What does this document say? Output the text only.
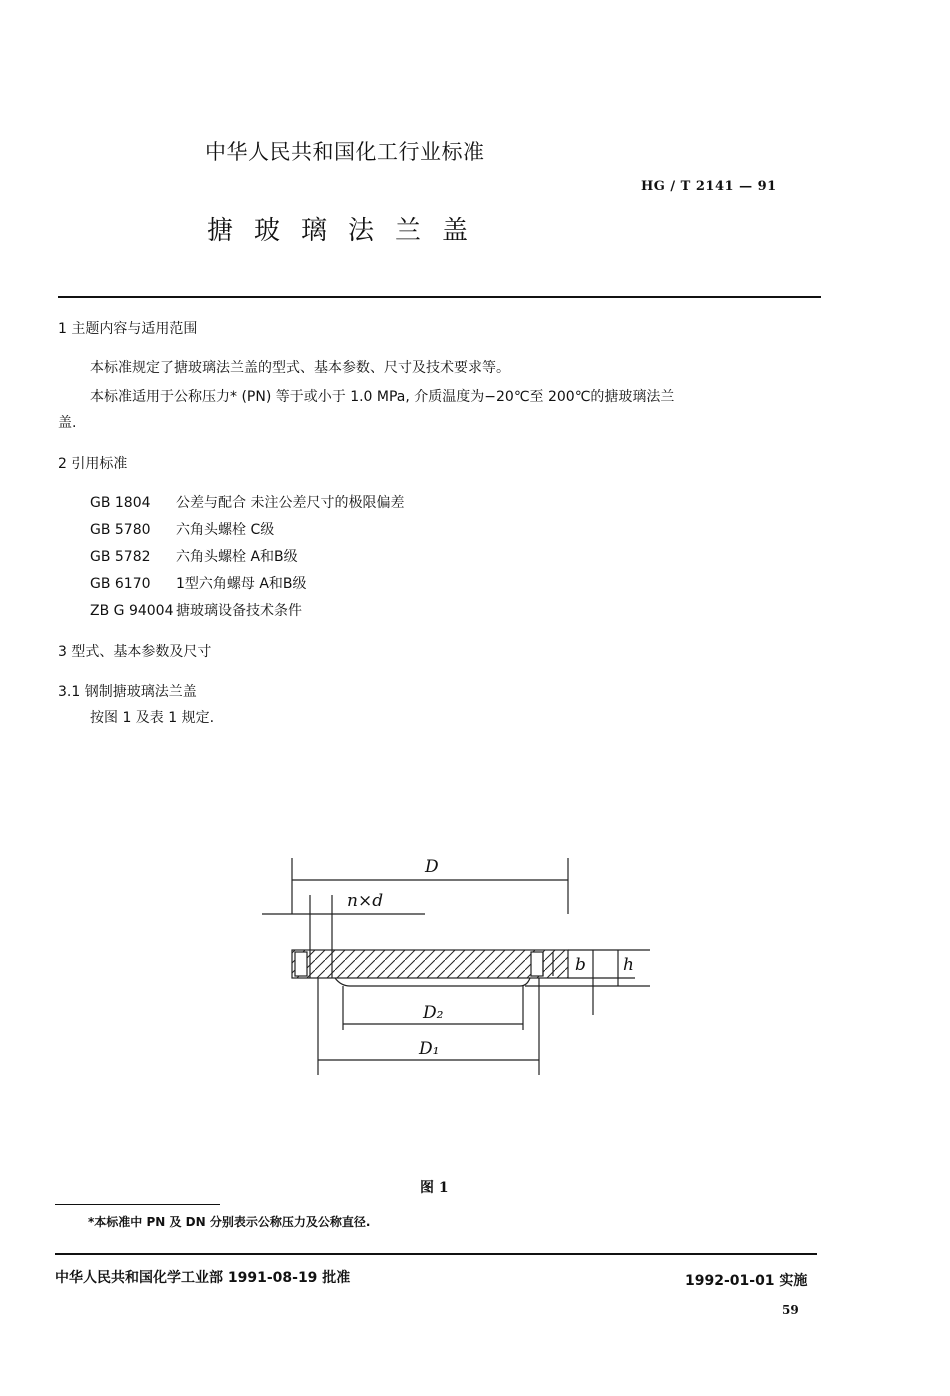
中华人民共和国化工行业标准
HG / T 2141 — 91
搪玻璃法兰盖
1 主题内容与适用范围
本标准规定了搪玻璃法兰盖的型式、基本参数、尺寸及技术要求等。
本标准适用于公称压力* (PN) 等于或小于 1.0 MPa, 介质温度为−20℃至 200℃的搪玻璃法兰
盖.
2 引用标准
GB 1804 公差与配合 未注公差尺寸的极限偏差
GB 5780 六角头螺栓 C级
GB 5782 六角头螺栓 A和B级
GB 6170 1型六角螺母 A和B级
ZB G 94004 搪玻璃设备技术条件
3 型式、基本参数及尺寸
3.1 钢制搪玻璃法兰盖
按图 1 及表 1 规定.
D
n×d
D₂
D₁
b h
图 1
*本标准中 PN 及 DN 分别表示公称压力及公称直径.
中华人民共和国化学工业部 1991-08-19 批准	1992-01-01 实施
59
